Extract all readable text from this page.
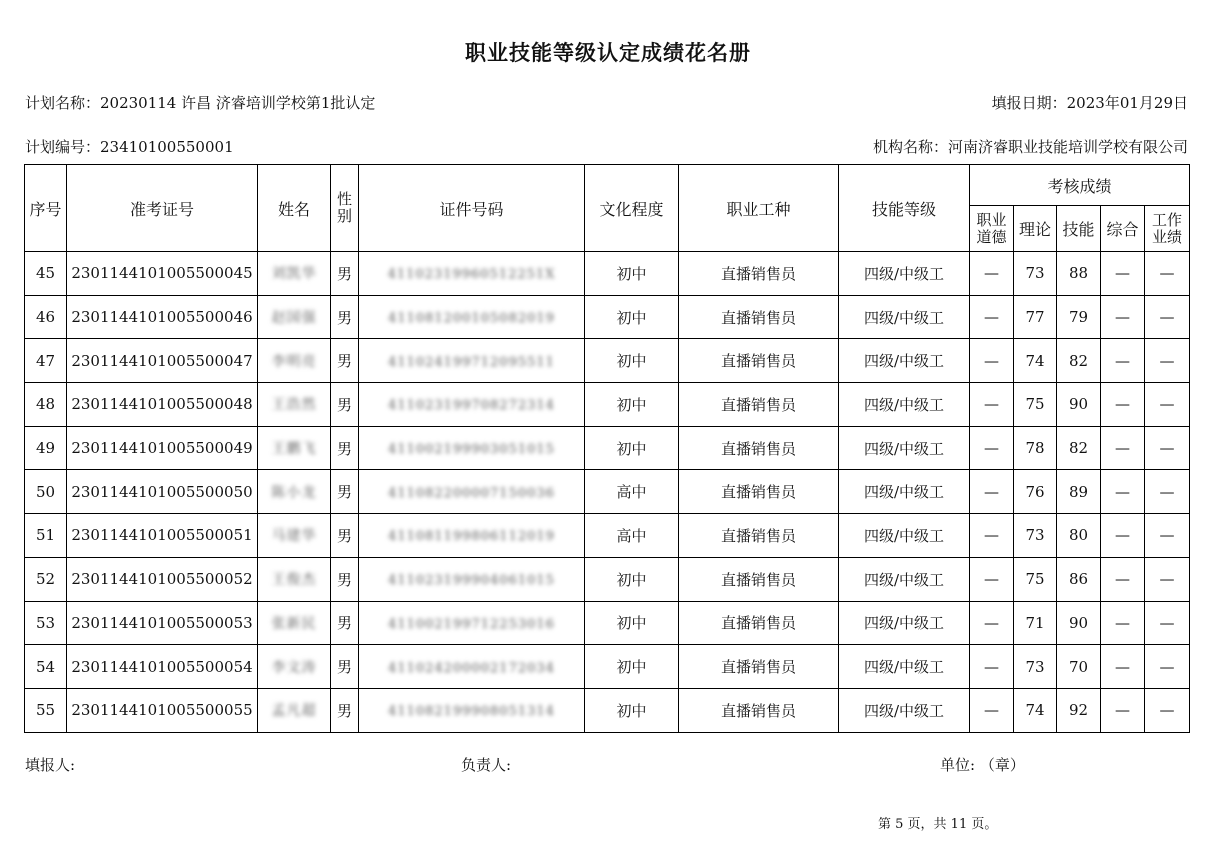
职业技能等级认定成绩花名册
计划名称：20230114 许昌 济睿培训学校第1批认定	填报日期：2023年01月29日
计划编号：23410100550001	机构名称：河南济睿职业技能培训学校有限公司
序号	准考证号	姓名	性别	证件号码	文化程度	职业工种	技能等级	考核成绩				
								职业道德	理论	技能	综合	工作业绩
45	2301144101005500045	刘凯华	男	41102319960512251X	初中	直播销售员	四级/中级工	—	73	88	—	—
46	2301144101005500046	赵国强	男	411081200105082019	初中	直播销售员	四级/中级工	—	77	79	—	—
47	2301144101005500047	李明亮	男	411024199712095511	初中	直播销售员	四级/中级工	—	74	82	—	—
48	2301144101005500048	王浩然	男	411023199708272314	初中	直播销售员	四级/中级工	—	75	90	—	—
49	2301144101005500049	王鹏飞	男	411002199903051015	初中	直播销售员	四级/中级工	—	78	82	—	—
50	2301144101005500050	陈小龙	男	411082200007150036	高中	直播销售员	四级/中级工	—	76	89	—	—
51	2301144101005500051	马建华	男	411081199806112019	高中	直播销售员	四级/中级工	—	73	80	—	—
52	2301144101005500052	王俊杰	男	411023199904061015	初中	直播销售员	四级/中级工	—	75	86	—	—
53	2301144101005500053	张新民	男	411002199712253016	初中	直播销售员	四级/中级工	—	71	90	—	—
54	2301144101005500054	李文涛	男	411024200002172034	初中	直播销售员	四级/中级工	—	73	70	—	—
55	2301144101005500055	孟凡超	男	411082199908051314	初中	直播销售员	四级/中级工	—	74	92	—	—
填报人:	负责人:	单位: （章）
第 5 页，共 11 页。
